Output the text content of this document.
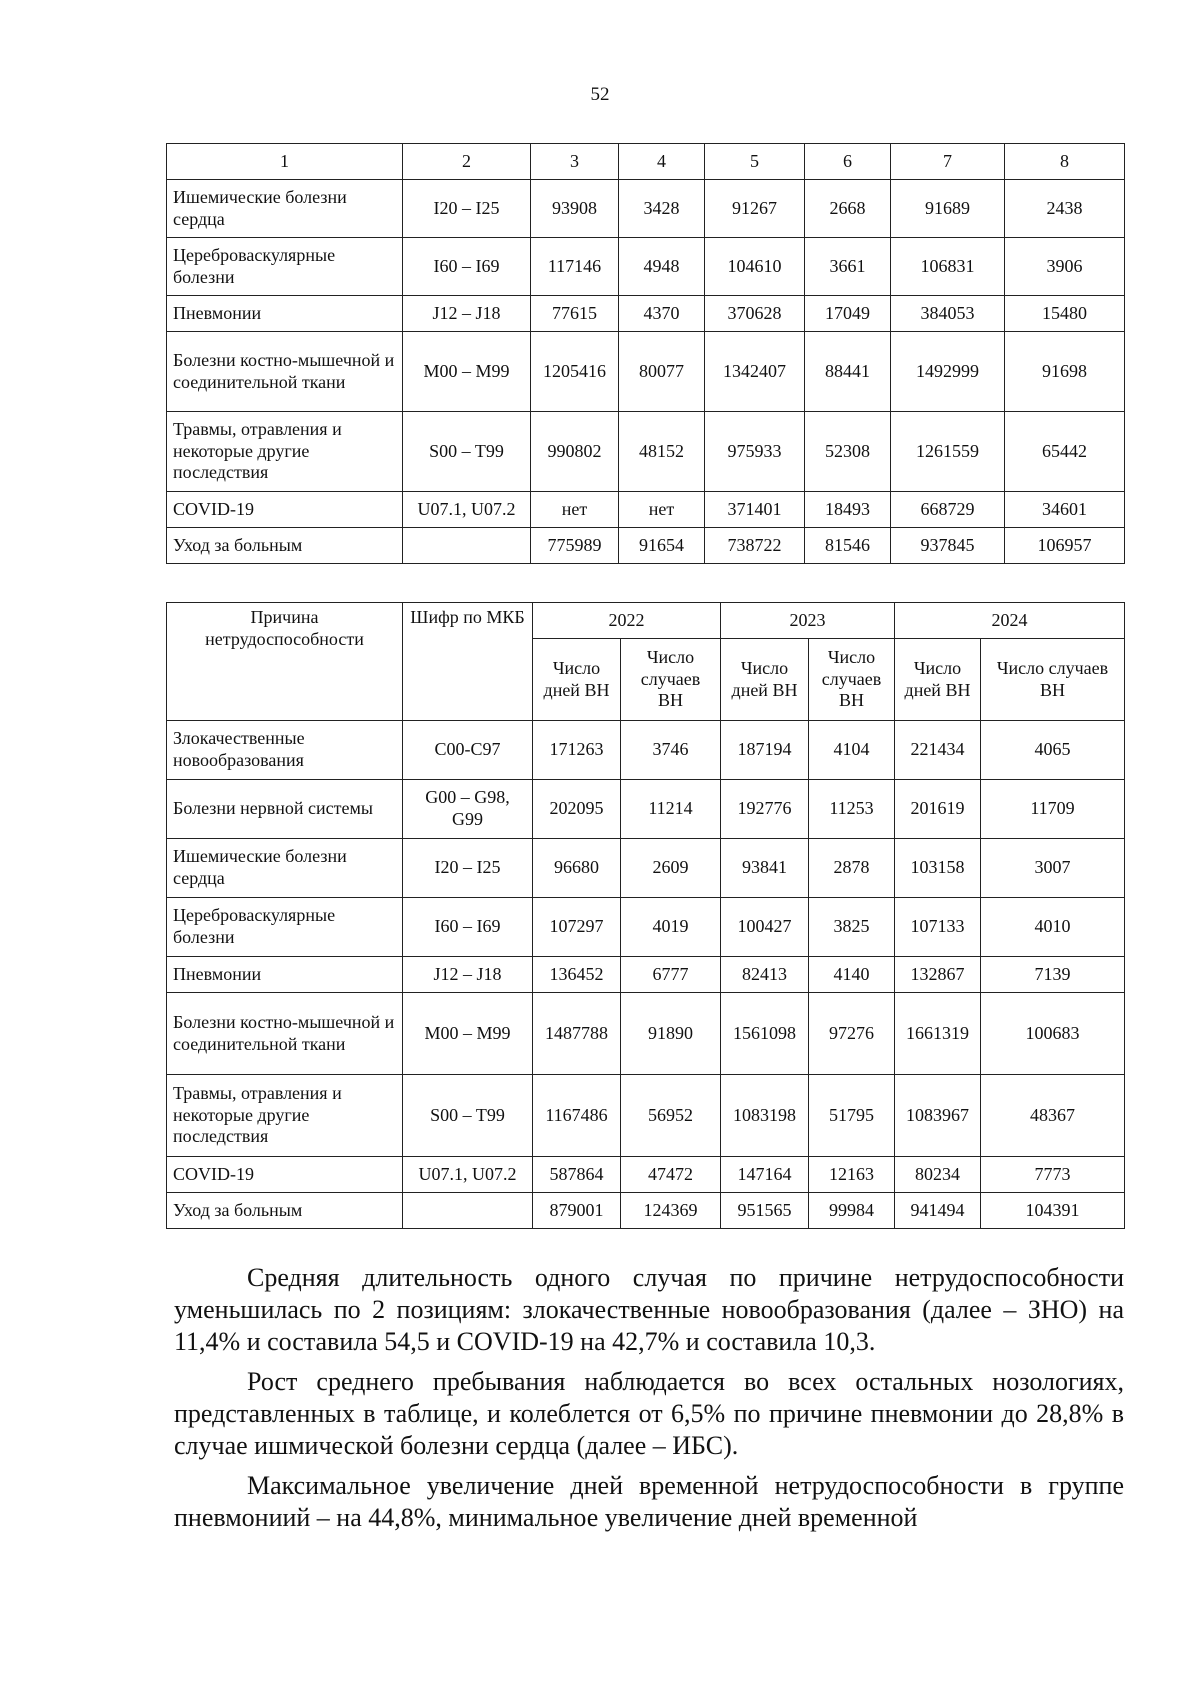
52
1	2	3	4	5	6	7	8
Ишемические болезни сердца	I20 – I25	93908	3428	91267	2668	91689	2438
Цереброваскулярные болезни	I60 – I69	117146	4948	104610	3661	106831	3906
Пневмонии	J12 – J18	77615	4370	370628	17049	384053	15480
Болезни костно-мышечной и соединительной ткани	M00 – M99	1205416	80077	1342407	88441	1492999	91698
Травмы, отравления и некоторые другие последствия	S00 – T99	990802	48152	975933	52308	1261559	65442
COVID-19	U07.1, U07.2	нет	нет	371401	18493	668729	34601
Уход за больным		775989	91654	738722	81546	937845	106957
Причина нетрудоспособности	Шифр по МКБ	2022		2023		2024	
		Число дней ВН	Число случаев ВН	Число дней ВН	Число случаев ВН	Число дней ВН	Число случаев ВН
Злокачественные новообразования	C00-C97	171263	3746	187194	4104	221434	4065
Болезни нервной системы	G00 – G98, G99	202095	11214	192776	11253	201619	11709
Ишемические болезни сердца	I20 – I25	96680	2609	93841	2878	103158	3007
Цереброваскулярные болезни	I60 – I69	107297	4019	100427	3825	107133	4010
Пневмонии	J12 – J18	136452	6777	82413	4140	132867	7139
Болезни костно-мышечной и соединительной ткани	M00 – M99	1487788	91890	1561098	97276	1661319	100683
Травмы, отравления и некоторые другие последствия	S00 – T99	1167486	56952	1083198	51795	1083967	48367
COVID-19	U07.1, U07.2	587864	47472	147164	12163	80234	7773
Уход за больным		879001	124369	951565	99984	941494	104391

Средняя длительность одного случая по причине нетрудоспособности уменьшилась по 2 позициям: злокачественные новообразования (далее – ЗНО) на 11,4% и составила 54,5 и COVID-19 на 42,7% и составила 10,3.

Рост среднего пребывания наблюдается во всех остальных нозологиях, представленных в таблице, и колеблется от 6,5% по причине пневмонии до 28,8% в случае ишмической болезни сердца (далее – ИБС).

Максимальное увеличение дней временной нетрудоспособности в группе пневмониий – на 44,8%, минимальное увеличение дней временной
